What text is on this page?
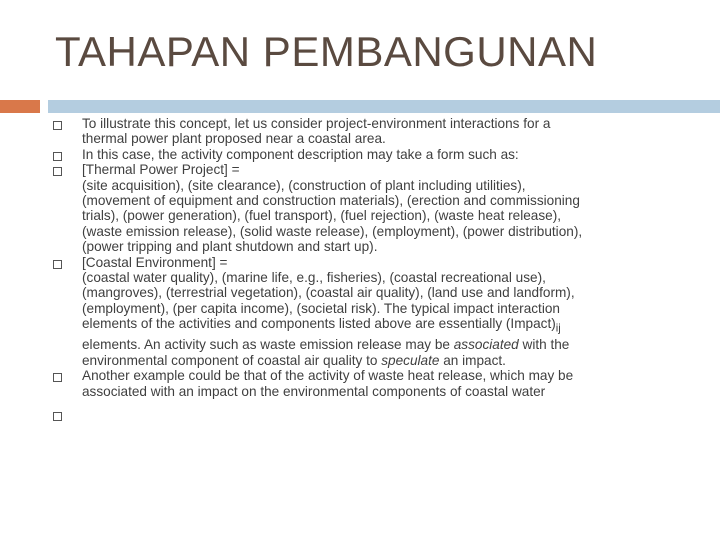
TAHAPAN PEMBANGUNAN
To illustrate this concept, let us consider project-environment interactions for a
thermal power plant proposed near a coastal area.
In this case, the activity component description may take a form such as:
[Thermal Power Project] =
(site acquisition), (site clearance), (construction of plant including utilities),
(movement of equipment and construction materials), (erection and commissioning
trials), (power generation), (fuel transport), (fuel rejection), (waste heat release),
(waste emission release), (solid waste release), (employment), (power distribution),
(power tripping and plant shutdown and start up).
[Coastal Environment] =
(coastal water quality), (marine life, e.g., fisheries), (coastal recreational use),
(mangroves), (terrestrial vegetation), (coastal air quality), (land use and landform),
(employment), (per capita income), (societal risk). The typical impact interaction
elements of the activities and components listed above are essentially $(Impact)_{ij}$
elements. An activity such as waste emission release may be associated with the
environmental component of coastal air quality to speculate an impact.
Another example could be that of the activity of waste heat release, which may be
associated with an impact on the environmental components of coastal water
